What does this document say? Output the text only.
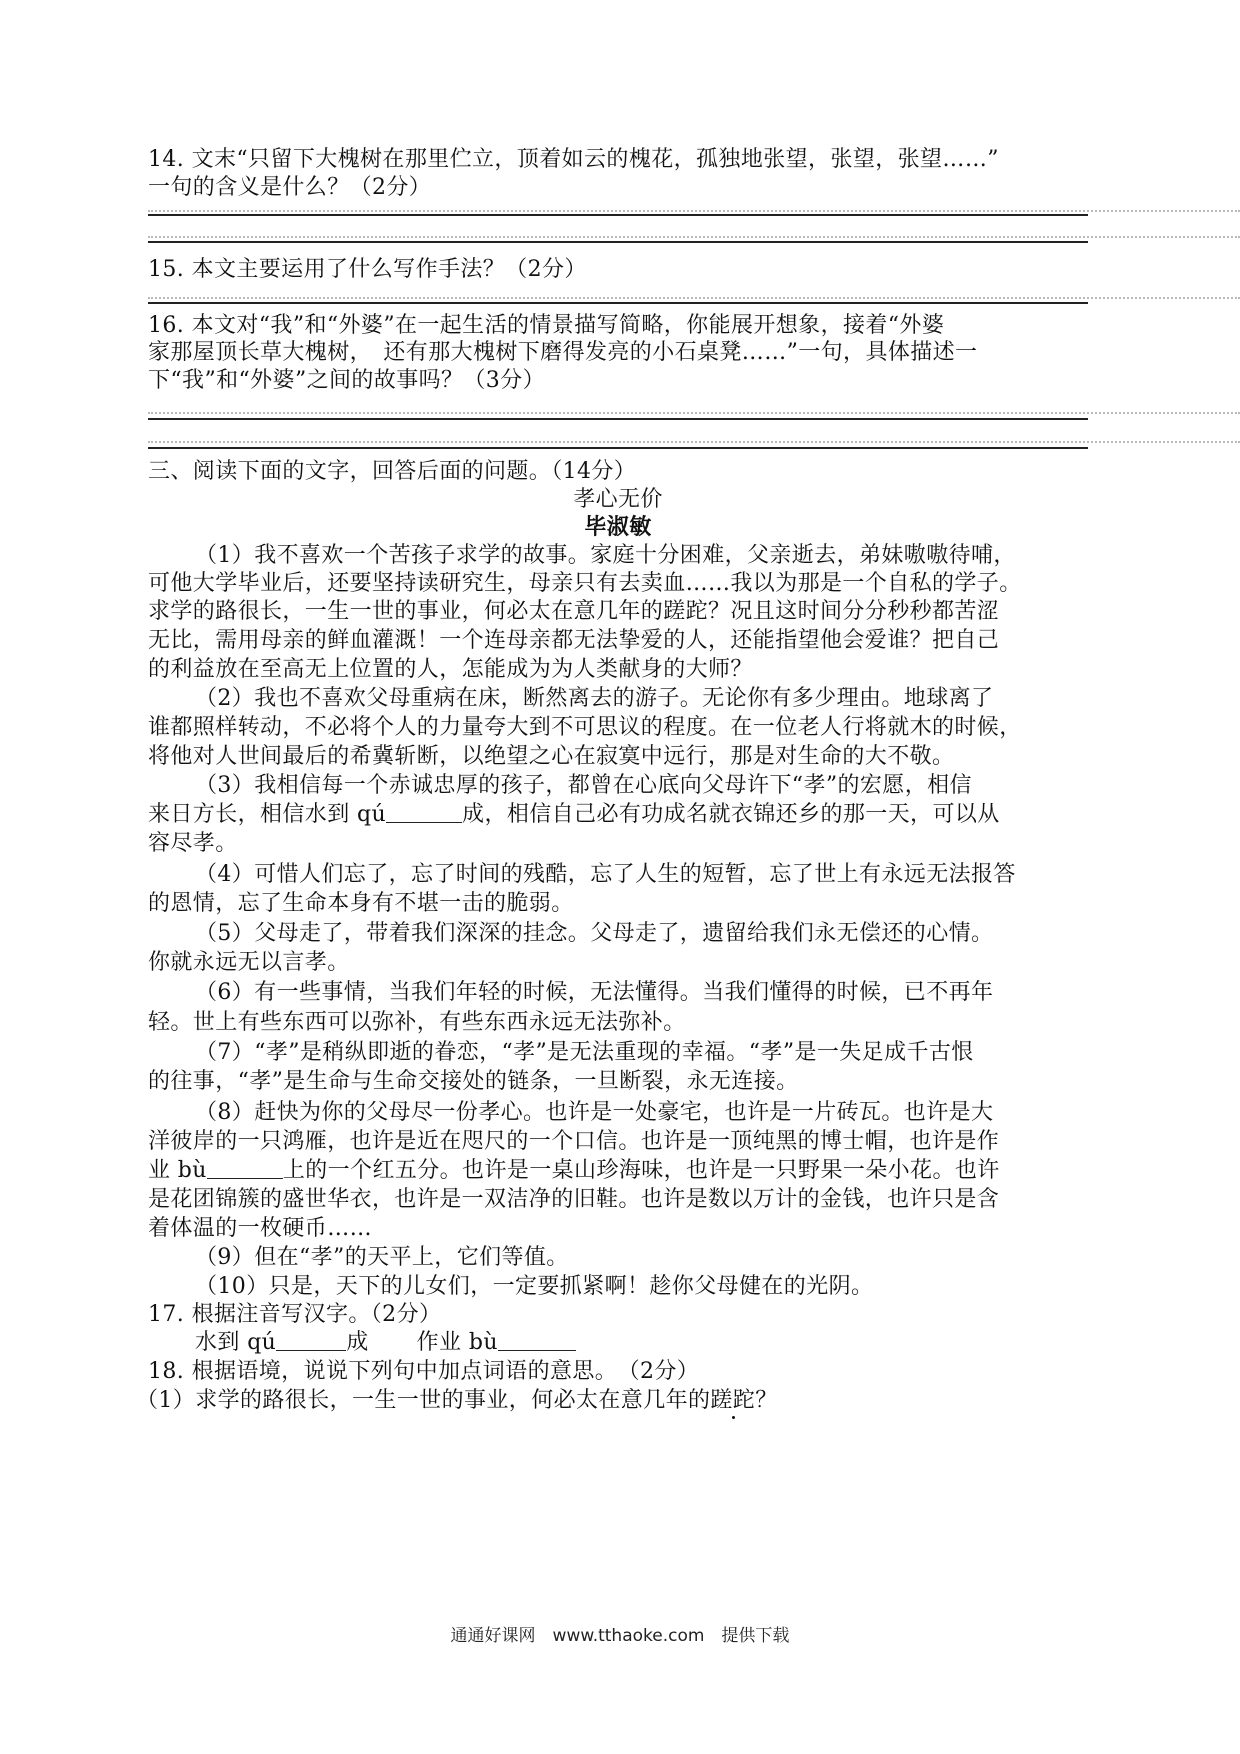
14. 文末“只留下大槐树在那里伫立，顶着如云的槐花，孤独地张望，张望，张望……”
一句的含义是什么？（2分）
15. 本文主要运用了什么写作手法？（2分）
16. 本文对“我”和“外婆”在一起生活的情景描写简略，你能展开想象，接着“外婆
家那屋顶长草大槐树，　还有那大槐树下磨得发亮的小石桌凳……”一句，具体描述一
下“我”和“外婆”之间的故事吗？（3分）
三、阅读下面的文字，回答后面的问题。（14分）
孝心无价
毕淑敏
（1）我不喜欢一个苦孩子求学的故事。家庭十分困难，父亲逝去，弟妹嗷嗷待哺，
可他大学毕业后，还要坚持读研究生，母亲只有去卖血……我以为那是一个自私的学子。
求学的路很长，一生一世的事业，何必太在意几年的蹉跎？况且这时间分分秒秒都苦涩
无比，需用母亲的鲜血灌溉！一个连母亲都无法挚爱的人，还能指望他会爱谁？把自己
的利益放在至高无上位置的人，怎能成为为人类献身的大师？
（2）我也不喜欢父母重病在床，断然离去的游子。无论你有多少理由。地球离了
谁都照样转动，不必将个人的力量夸大到不可思议的程度。在一位老人行将就木的时候，
将他对人世间最后的希冀斩断，以绝望之心在寂寞中远行，那是对生命的大不敬。
（3）我相信每一个赤诚忠厚的孩子，都曾在心底向父母许下“孝”的宏愿，相信
来日方长，相信水到 qú	成，相信自己必有功成名就衣锦还乡的那一天，可以从
容尽孝。
（4）可惜人们忘了，忘了时间的残酷，忘了人生的短暂，忘了世上有永远无法报答
的恩情，忘了生命本身有不堪一击的脆弱。
（5）父母走了，带着我们深深的挂念。父母走了，遗留给我们永无偿还的心情。
你就永远无以言孝。
（6）有一些事情，当我们年轻的时候，无法懂得。当我们懂得的时候，已不再年
轻。世上有些东西可以弥补，有些东西永远无法弥补。
（7）“孝”是稍纵即逝的眷恋，“孝”是无法重现的幸福。“孝”是一失足成千古恨
的往事，“孝”是生命与生命交接处的链条，一旦断裂，永无连接。
（8）赶快为你的父母尽一份孝心。也许是一处豪宅，也许是一片砖瓦。也许是大
洋彼岸的一只鸿雁，也许是近在咫尺的一个口信。也许是一顶纯黑的博士帽，也许是作
业 bù	上的一个红五分。也许是一桌山珍海味，也许是一只野果一朵小花。也许
是花团锦簇的盛世华衣，也许是一双洁净的旧鞋。也许是数以万计的金钱，也许只是含
着体温的一枚硬币……
（9）但在“孝”的天平上，它们等值。
（10）只是，天下的儿女们，一定要抓紧啊！趁你父母健在的光阴。
17. 根据注音写汉字。（2分）
水到 qú	成 作业 bù
18. 根据语境，说说下列句中加点词语的意思。　（2分）
（1）求学的路很长，一生一世的事业，何必太在意几年的蹉跎？
通通好课网　www.tthaoke.com　提供下载
